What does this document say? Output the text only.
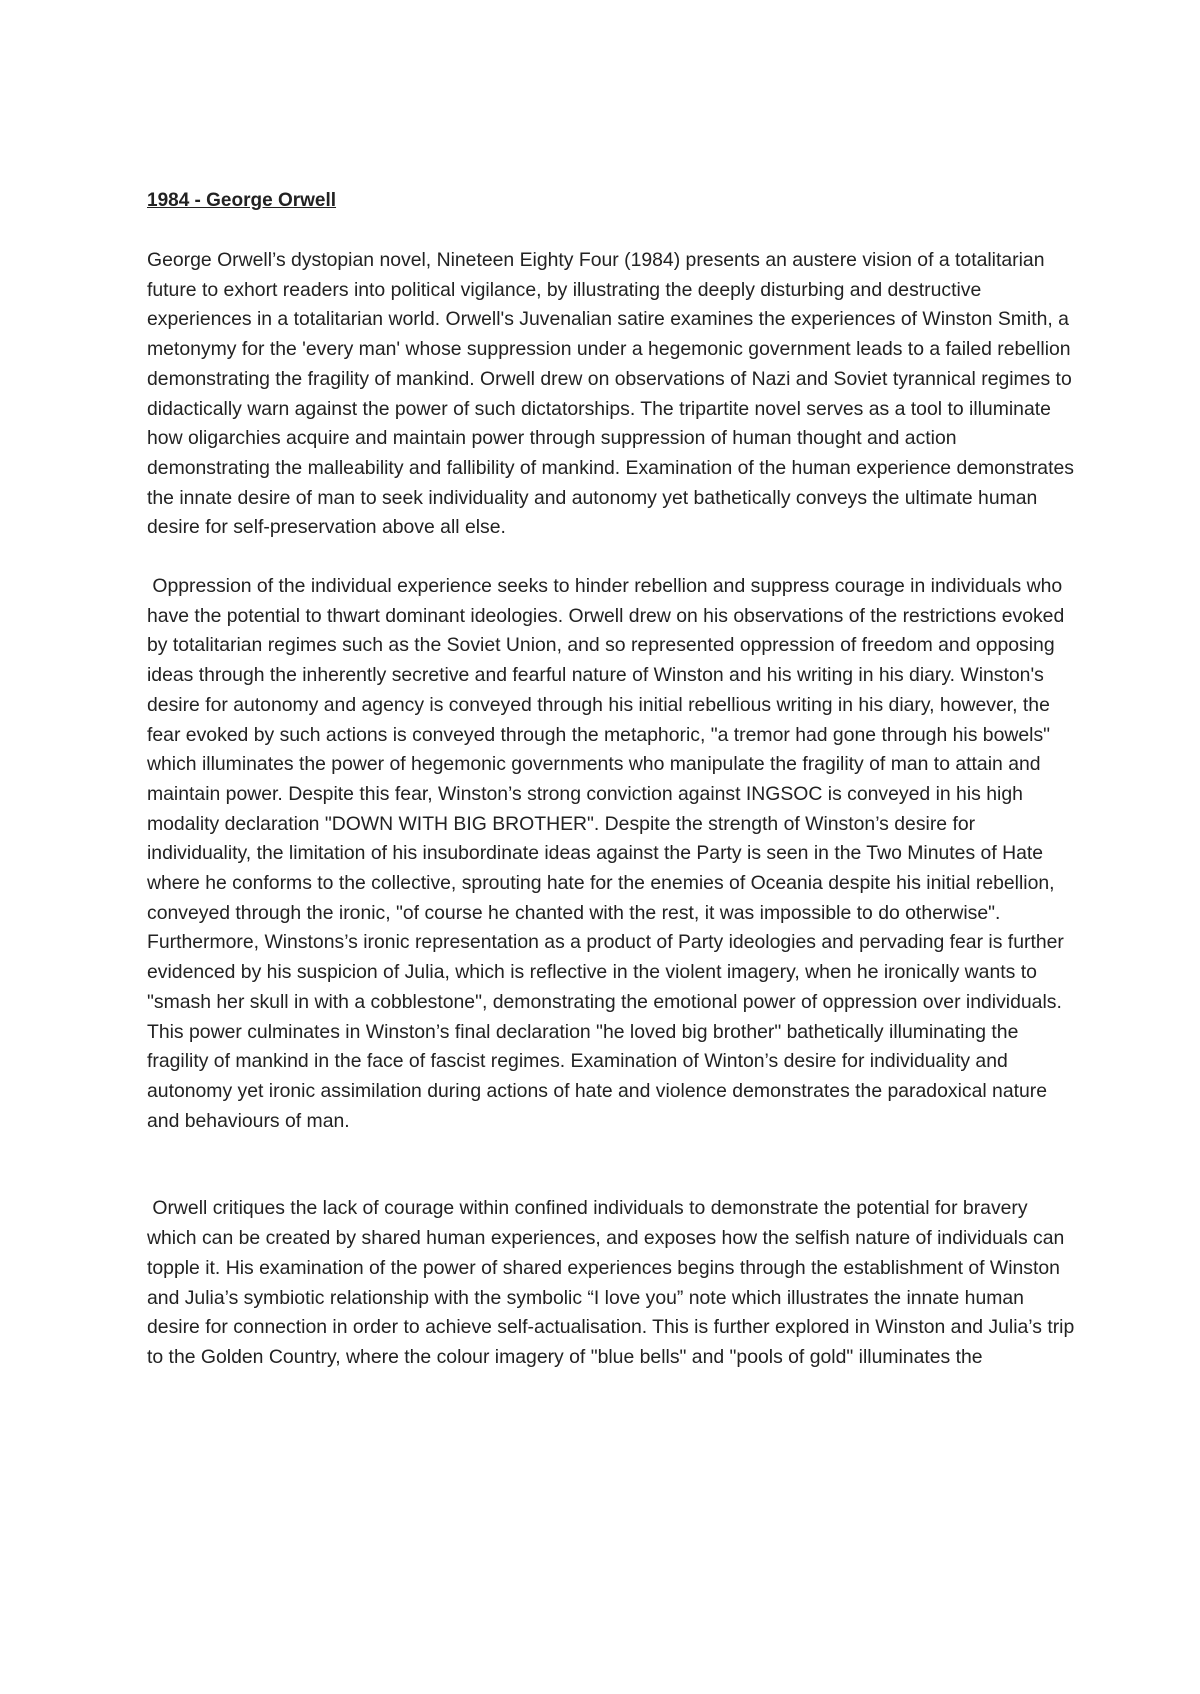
1984 - George Orwell

George Orwell’s dystopian novel, Nineteen Eighty Four (1984) presents an austere vision of a totalitarian future to exhort readers into political vigilance, by illustrating the deeply disturbing and destructive experiences in a totalitarian world. Orwell's Juvenalian satire examines the experiences of Winston Smith, a metonymy for the 'every man' whose suppression under a hegemonic government leads to a failed rebellion demonstrating the fragility of mankind. Orwell drew on observations of Nazi and Soviet tyrannical regimes to didactically warn against the power of such dictatorships. The tripartite novel serves as a tool to illuminate how oligarchies acquire and maintain power through suppression of human thought and action demonstrating the malleability and fallibility of mankind. Examination of the human experience demonstrates the innate desire of man to seek individuality and autonomy yet bathetically conveys the ultimate human desire for self-preservation above all else.

Oppression of the individual experience seeks to hinder rebellion and suppress courage in individuals who have the potential to thwart dominant ideologies. Orwell drew on his observations of the restrictions evoked by totalitarian regimes such as the Soviet Union, and so represented oppression of freedom and opposing ideas through the inherently secretive and fearful nature of Winston and his writing in his diary. Winston's desire for autonomy and agency is conveyed through his initial rebellious writing in his diary, however, the fear evoked by such actions is conveyed through the metaphoric, "a tremor had gone through his bowels" which illuminates the power of hegemonic governments who manipulate the fragility of man to attain and maintain power. Despite this fear, Winston’s strong conviction against INGSOC is conveyed in his high modality declaration "DOWN WITH BIG BROTHER". Despite the strength of Winston’s desire for individuality, the limitation of his insubordinate ideas against the Party is seen in the Two Minutes of Hate where he conforms to the collective, sprouting hate for the enemies of Oceania despite his initial rebellion, conveyed through the ironic, "of course he chanted with the rest, it was impossible to do otherwise". Furthermore, Winstons’s ironic representation as a product of Party ideologies and pervading fear is further evidenced by his suspicion of Julia, which is reflective in the violent imagery, when he ironically wants to "smash her skull in with a cobblestone", demonstrating the emotional power of oppression over individuals. This power culminates in Winston’s final declaration "he loved big brother" bathetically illuminating the fragility of mankind in the face of fascist regimes. Examination of Winton’s desire for individuality and autonomy yet ironic assimilation during actions of hate and violence demonstrates the paradoxical nature and behaviours of man.

Orwell critiques the lack of courage within confined individuals to demonstrate the potential for bravery which can be created by shared human experiences, and exposes how the selfish nature of individuals can topple it. His examination of the power of shared experiences begins through the establishment of Winston and Julia’s symbiotic relationship with the symbolic “I love you” note which illustrates the innate human desire for connection in order to achieve self-actualisation. This is further explored in Winston and Julia’s trip to the Golden Country, where the colour imagery of "blue bells" and "pools of gold" illuminates the
